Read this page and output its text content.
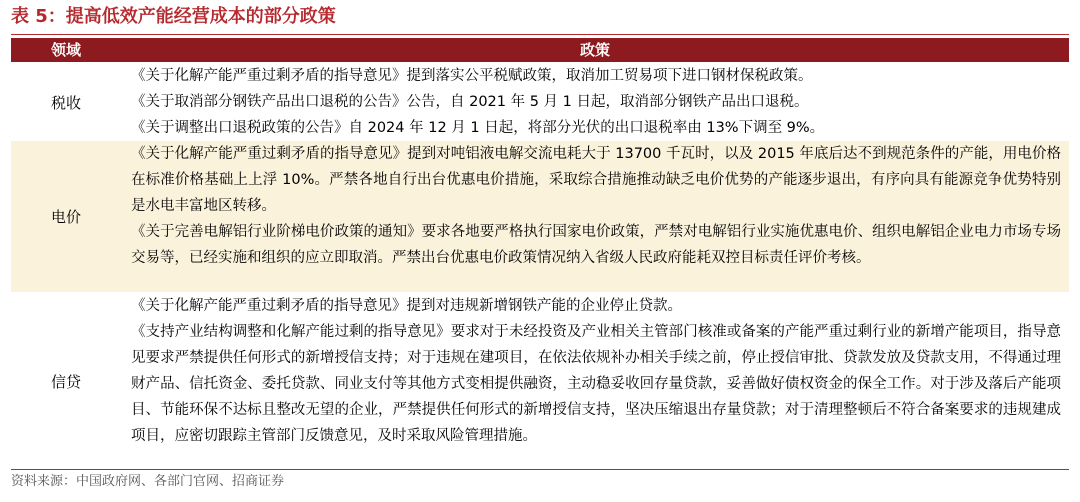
表 5：提高低效产能经营成本的部分政策
领域	政策
税收

《关于化解产能严重过剩矛盾的指导意见》提到落实公平税赋政策，取消加工贸易项下进口钢材保税政策。

《关于取消部分钢铁产品出口退税的公告》公告，自 2021 年 5 月 1 日起，取消部分钢铁产品出口退税。

《关于调整出口退税政策的公告》自 2024 年 12 月 1 日起，将部分光伏的出口退税率由 13%下调至 9%。

电价

《关于化解产能严重过剩矛盾的指导意见》提到对吨铝液电解交流电耗大于 13700 千瓦时，以及 2015 年底后达不到规范条件的产能，用电价格在标准价格基础上上浮 10%。严禁各地自行出台优惠电价措施，采取综合措施推动缺乏电价优势的产能逐步退出，有序向具有能源竞争优势特别是水电丰富地区转移。

《关于完善电解铝行业阶梯电价政策的通知》要求各地要严格执行国家电价政策，严禁对电解铝行业实施优惠电价、组织电解铝企业电力市场专场交易等，已经实施和组织的应立即取消。严禁出台优惠电价政策情况纳入省级人民政府能耗双控目标责任评价考核。

信贷

《关于化解产能严重过剩矛盾的指导意见》提到对违规新增钢铁产能的企业停止贷款。

《支持产业结构调整和化解产能过剩的指导意见》要求对于未经投资及产业相关主管部门核准或备案的产能严重过剩行业的新增产能项目，指导意见要求严禁提供任何形式的新增授信支持；对于违规在建项目，在依法依规补办相关手续之前，停止授信审批、贷款发放及贷款支用，不得通过理财产品、信托资金、委托贷款、同业支付等其他方式变相提供融资，主动稳妥收回存量贷款，妥善做好债权资金的保全工作。对于涉及落后产能项目、节能环保不达标且整改无望的企业，严禁提供任何形式的新增授信支持，坚决压缩退出存量贷款；对于清理整顿后不符合备案要求的违规建成项目，应密切跟踪主管部门反馈意见，及时采取风险管理措施。

资料来源：中国政府网、各部门官网、招商证券
